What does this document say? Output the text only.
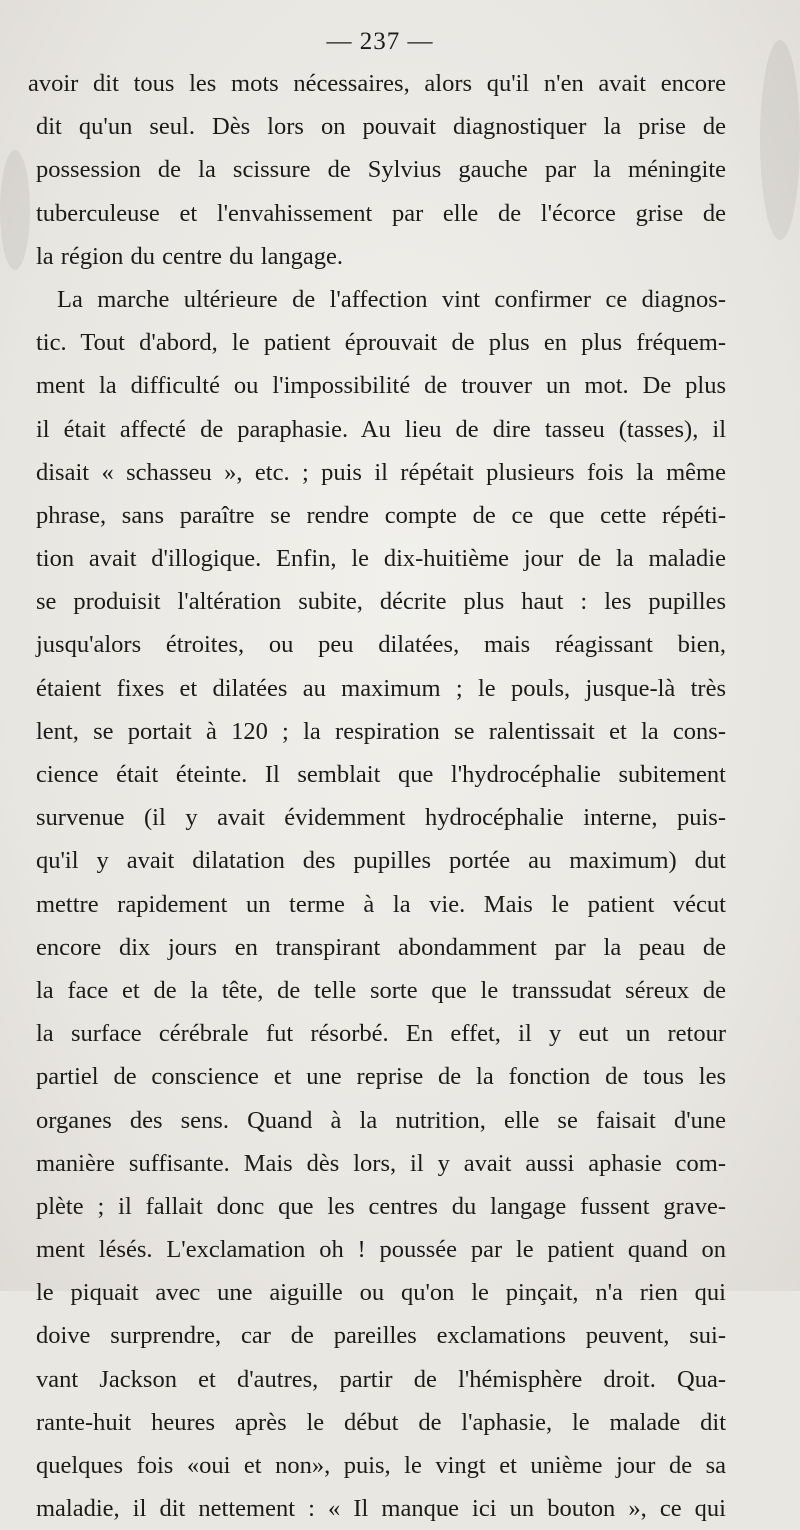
— 237 —
avoir dit tous les mots nécessaires, alors qu'il n'en avait encore
dit qu'un seul. Dès lors on pouvait diagnostiquer la prise de
possession de la scissure de Sylvius gauche par la méningite
tuberculeuse et l'envahissement par elle de l'écorce grise de
la région du centre du langage.
La marche ultérieure de l'affection vint confirmer ce diagnos-
tic. Tout d'abord, le patient éprouvait de plus en plus fréquem-
ment la difficulté ou l'impossibilité de trouver un mot. De plus
il était affecté de paraphasie. Au lieu de dire tasseu (tasses), il
disait « schasseu », etc. ; puis il répétait plusieurs fois la même
phrase, sans paraître se rendre compte de ce que cette répéti-
tion avait d'illogique. Enfin, le dix-huitième jour de la maladie
se produisit l'altération subite, décrite plus haut : les pupilles
jusqu'alors étroites, ou peu dilatées, mais réagissant bien,
étaient fixes et dilatées au maximum ; le pouls, jusque-là très
lent, se portait à 120 ; la respiration se ralentissait et la cons-
cience était éteinte. Il semblait que l'hydrocéphalie subitement
survenue (il y avait évidemment hydrocéphalie interne, puis-
qu'il y avait dilatation des pupilles portée au maximum) dut
mettre rapidement un terme à la vie. Mais le patient vécut
encore dix jours en transpirant abondamment par la peau de
la face et de la tête, de telle sorte que le transsudat séreux de
la surface cérébrale fut résorbé. En effet, il y eut un retour
partiel de conscience et une reprise de la fonction de tous les
organes des sens. Quand à la nutrition, elle se faisait d'une
manière suffisante. Mais dès lors, il y avait aussi aphasie com-
plète ; il fallait donc que les centres du langage fussent grave-
ment lésés. L'exclamation oh ! poussée par le patient quand on
le piquait avec une aiguille ou qu'on le pinçait, n'a rien qui
doive surprendre, car de pareilles exclamations peuvent, sui-
vant Jackson et d'autres, partir de l'hémisphère droit. Qua-
rante-huit heures après le début de l'aphasie, le malade dit
quelques fois «oui et non», puis, le vingt et unième jour de sa
maladie, il dit nettement : « Il manque ici un bouton », ce qui
